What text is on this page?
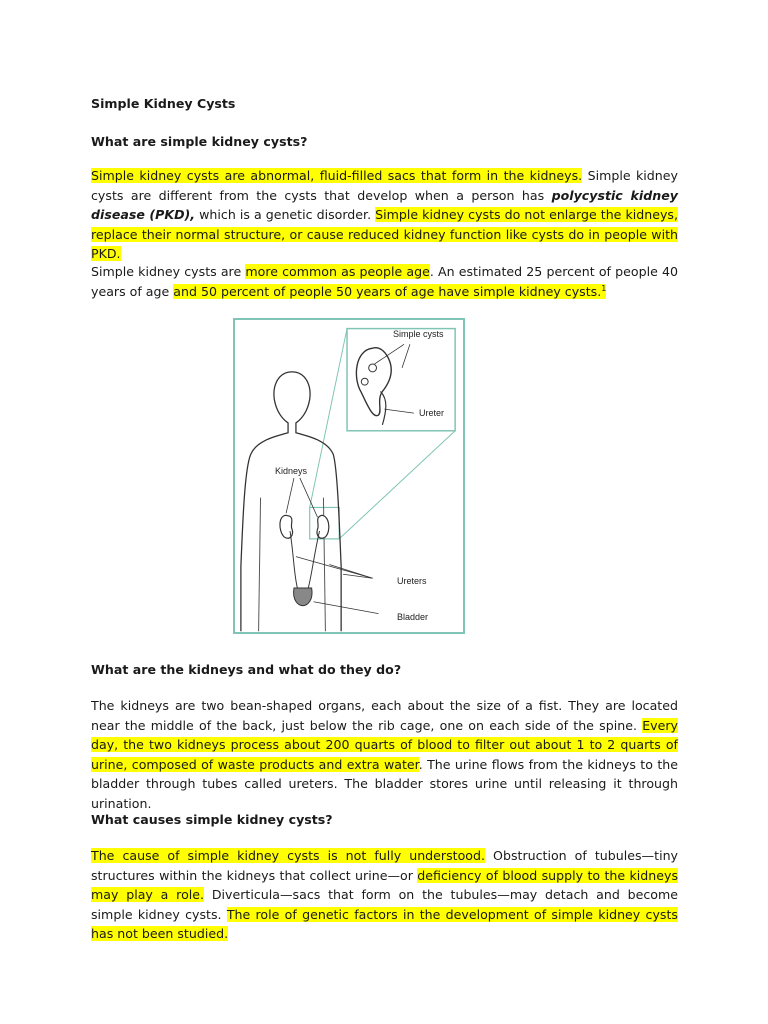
Simple Kidney Cysts
What are simple kidney cysts?
Simple kidney cysts are abnormal, fluid-filled sacs that form in the kidneys. Simple kidney cysts are different from the cysts that develop when a person has polycystic kidney disease (PKD), which is a genetic disorder. Simple kidney cysts do not enlarge the kidneys, replace their normal structure, or cause reduced kidney function like cysts do in people with PKD.
Simple kidney cysts are more common as people age. An estimated 25 percent of people 40 years of age and 50 percent of people 50 years of age have simple kidney cysts.$^1$
Simple cysts
Ureter
Kidneys
Ureters
Bladder
What are the kidneys and what do they do?
The kidneys are two bean-shaped organs, each about the size of a fist. They are located near the middle of the back, just below the rib cage, one on each side of the spine. Every day, the two kidneys process about 200 quarts of blood to filter out about 1 to 2 quarts of urine, composed of waste products and extra water. The urine flows from the kidneys to the bladder through tubes called ureters. The bladder stores urine until releasing it through urination.
What causes simple kidney cysts?
The cause of simple kidney cysts is not fully understood. Obstruction of tubules—tiny structures within the kidneys that collect urine—or deficiency of blood supply to the kidneys may play a role. Diverticula—sacs that form on the tubules—may detach and become simple kidney cysts. The role of genetic factors in the development of simple kidney cysts has not been studied.
